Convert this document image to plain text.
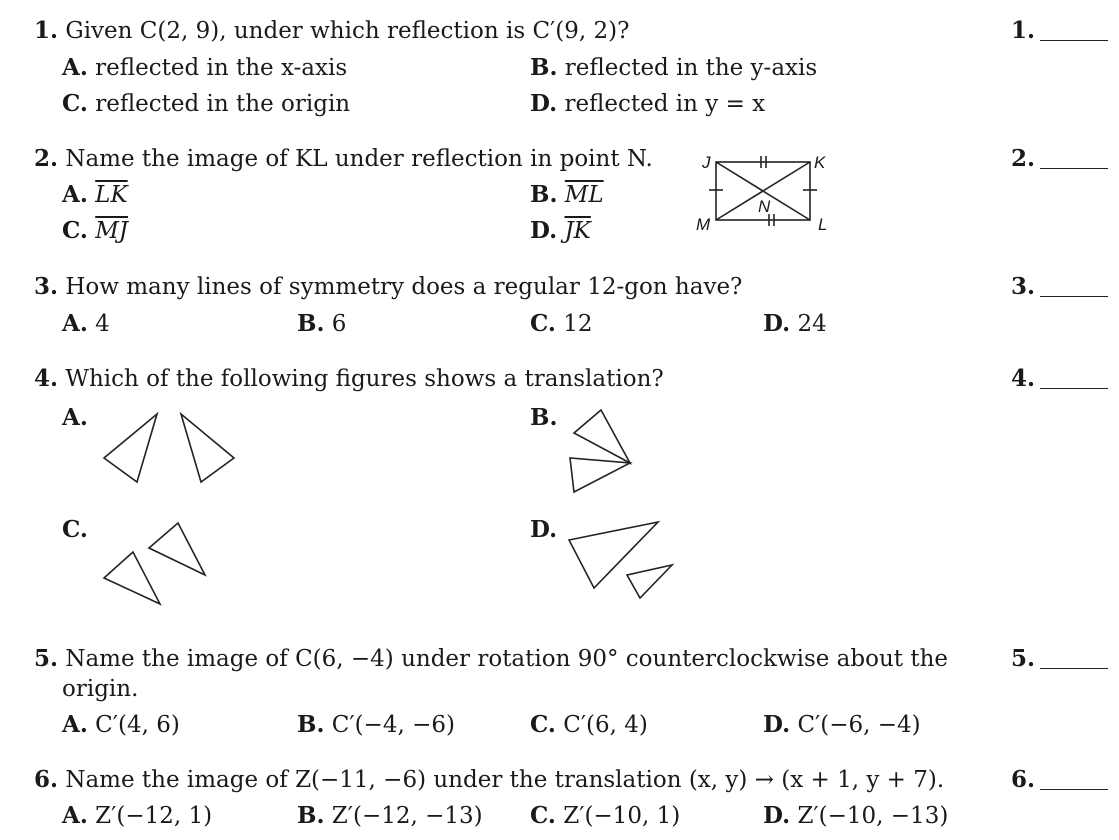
1. Given C(2, 9), under which reflection is C′(9, 2)?
A. reflected in the x-axis	B. reflected in the y-axis
C. reflected in the origin	D. reflected in y = x
1.
2. Name the image of KL under reflection in point N.
A. $\overline{LK}$	B. $\overline{ML}$
C. $\overline{MJ}$	D. $\overline{JK}$
2.
J	K
M	L
N
3. How many lines of symmetry does a regular 12-gon have?
A. 4	B. 6	C. 12	D. 24
3.
4. Which of the following figures shows a translation?	4.
A.	B.
C.	D.
5. Name the image of C(6, −4) under rotation 90° counterclockwise about the
origin.
A. C′(4, 6)	B. C′(−4, −6)	C. C′(6, 4)	D. C′(−6, −4)
5.
6. Name the image of Z(−11, −6) under the translation (x, y) → (x + 1, y + 7).
A. Z′(−12, 1)	B. Z′(−12, −13) C. Z′(−10, 1)	D. Z′(−10, −13)
6.
